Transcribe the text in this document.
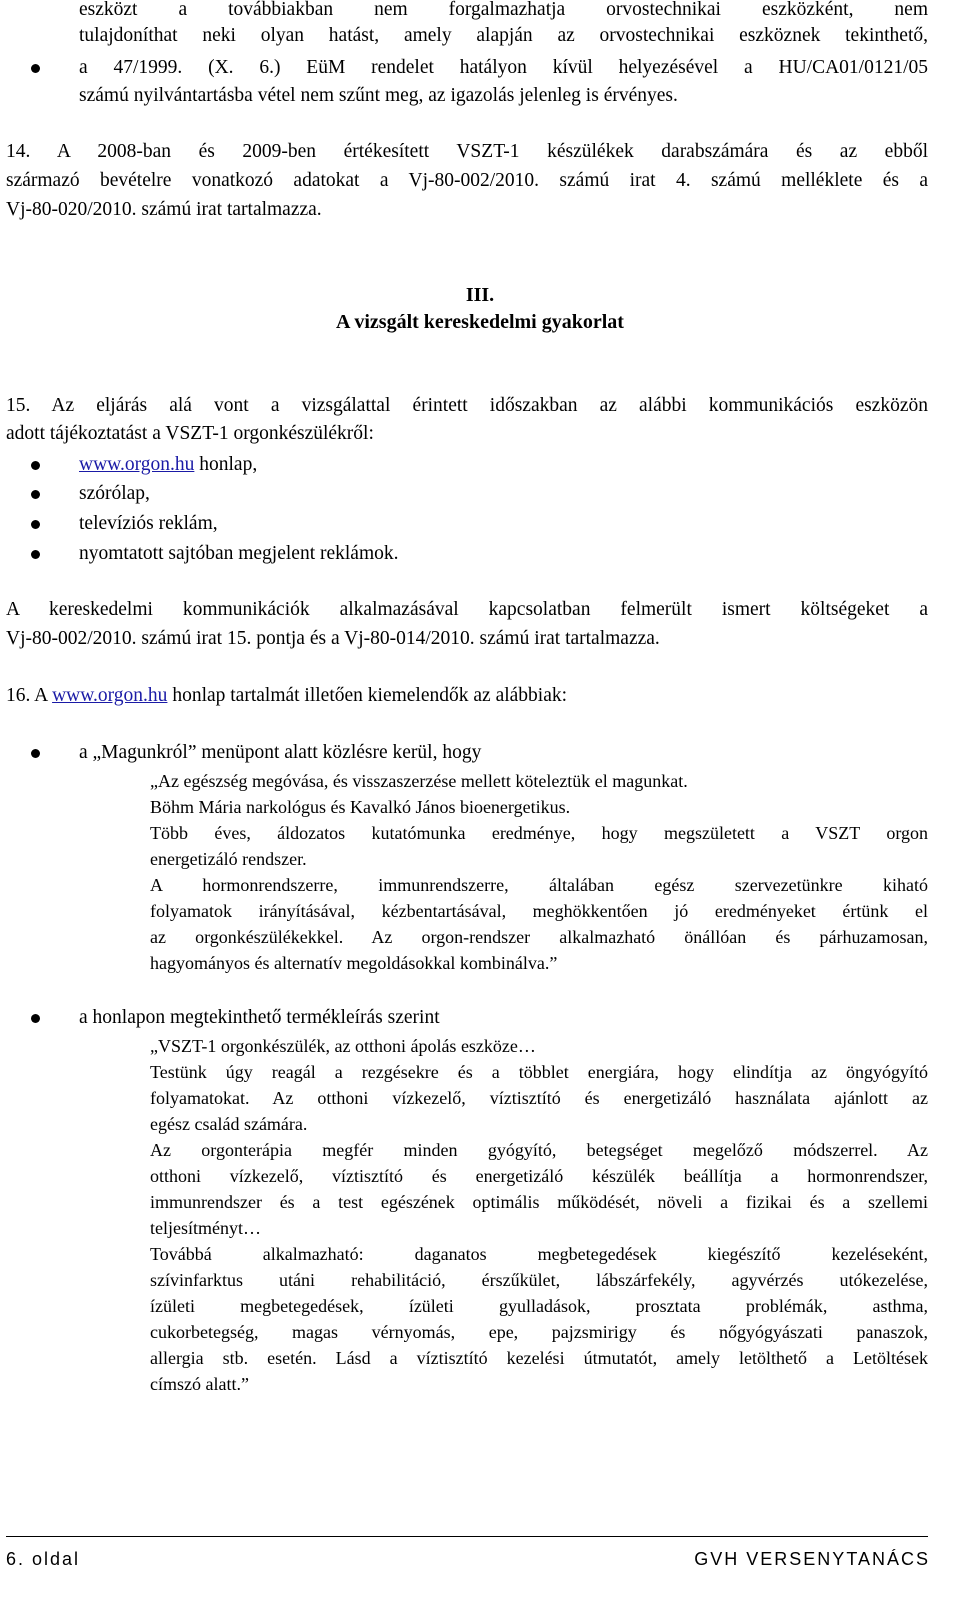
eszközt a továbbiakban nem forgalmazhatja orvostechnikai eszközként, nem
tulajdoníthat neki olyan hatást, amely alapján az orvostechnikai eszköznek tekinthető,
a 47/1999. (X. 6.) EüM rendelet hatályon kívül helyezésével a HU/CA01/0121/05
számú nyilvántartásba vétel nem szűnt meg, az igazolás jelenleg is érvényes.
14. A 2008-ban és 2009-ben értékesített VSZT-1 készülékek darabszámára és az ebből
származó bevételre vonatkozó adatokat a Vj-80-002/2010. számú irat 4. számú melléklete és a
Vj-80-020/2010. számú irat tartalmazza.
III.
A vizsgált kereskedelmi gyakorlat
15. Az eljárás alá vont a vizsgálattal érintett időszakban az alábbi kommunikációs eszközön
adott tájékoztatást a VSZT-1 orgonkészülékről:
www.orgon.hu honlap,
szórólap,
televíziós reklám,
nyomtatott sajtóban megjelent reklámok.
A kereskedelmi kommunikációk alkalmazásával kapcsolatban felmerült ismert költségeket a
Vj-80-002/2010. számú irat 15. pontja és a Vj-80-014/2010. számú irat tartalmazza.
16. A www.orgon.hu honlap tartalmát illetően kiemelendők az alábbiak:
a „Magunkról” menüpont alatt közlésre kerül, hogy
„Az egészség megóvása, és visszaszerzése mellett köteleztük el magunkat.
Böhm Mária narkológus és Kavalkó János bioenergetikus.
Több éves, áldozatos kutatómunka eredménye, hogy megszületett a VSZT orgon
energetizáló rendszer.
A hormonrendszerre, immunrendszerre, általában egész szervezetünkre kiható
folyamatok irányításával, kézbentartásával, meghökkentően jó eredményeket értünk el
az orgonkészülékekkel. Az orgon-rendszer alkalmazható önállóan és párhuzamosan,
hagyományos és alternatív megoldásokkal kombinálva.”
a honlapon megtekinthető termékleírás szerint
„VSZT-1 orgonkészülék, az otthoni ápolás eszköze…
Testünk úgy reagál a rezgésekre és a többlet energiára, hogy elindítja az öngyógyító
folyamatokat. Az otthoni vízkezelő, víztisztító és energetizáló használata ajánlott az
egész család számára.
Az orgonterápia megfér minden gyógyító, betegséget megelőző módszerrel. Az
otthoni vízkezelő, víztisztító és energetizáló készülék beállítja a hormonrendszer,
immunrendszer és a test egészének optimális működését, növeli a fizikai és a szellemi
teljesítményt…
Továbbá alkalmazható: daganatos megbetegedések kiegészítő kezeléseként,
szívinfarktus utáni rehabilitáció, érszűkület, lábszárfekély, agyvérzés utókezelése,
ízületi megbetegedések, ízületi gyulladások, prosztata problémák, asthma,
cukorbetegség, magas vérnyomás, epe, pajzsmirigy és nőgyógyászati panaszok,
allergia stb. esetén. Lásd a víztisztító kezelési útmutatót, amely letölthető a Letöltések
címszó alatt.”
6. oldal	GVH VERSENYTANÁCS
